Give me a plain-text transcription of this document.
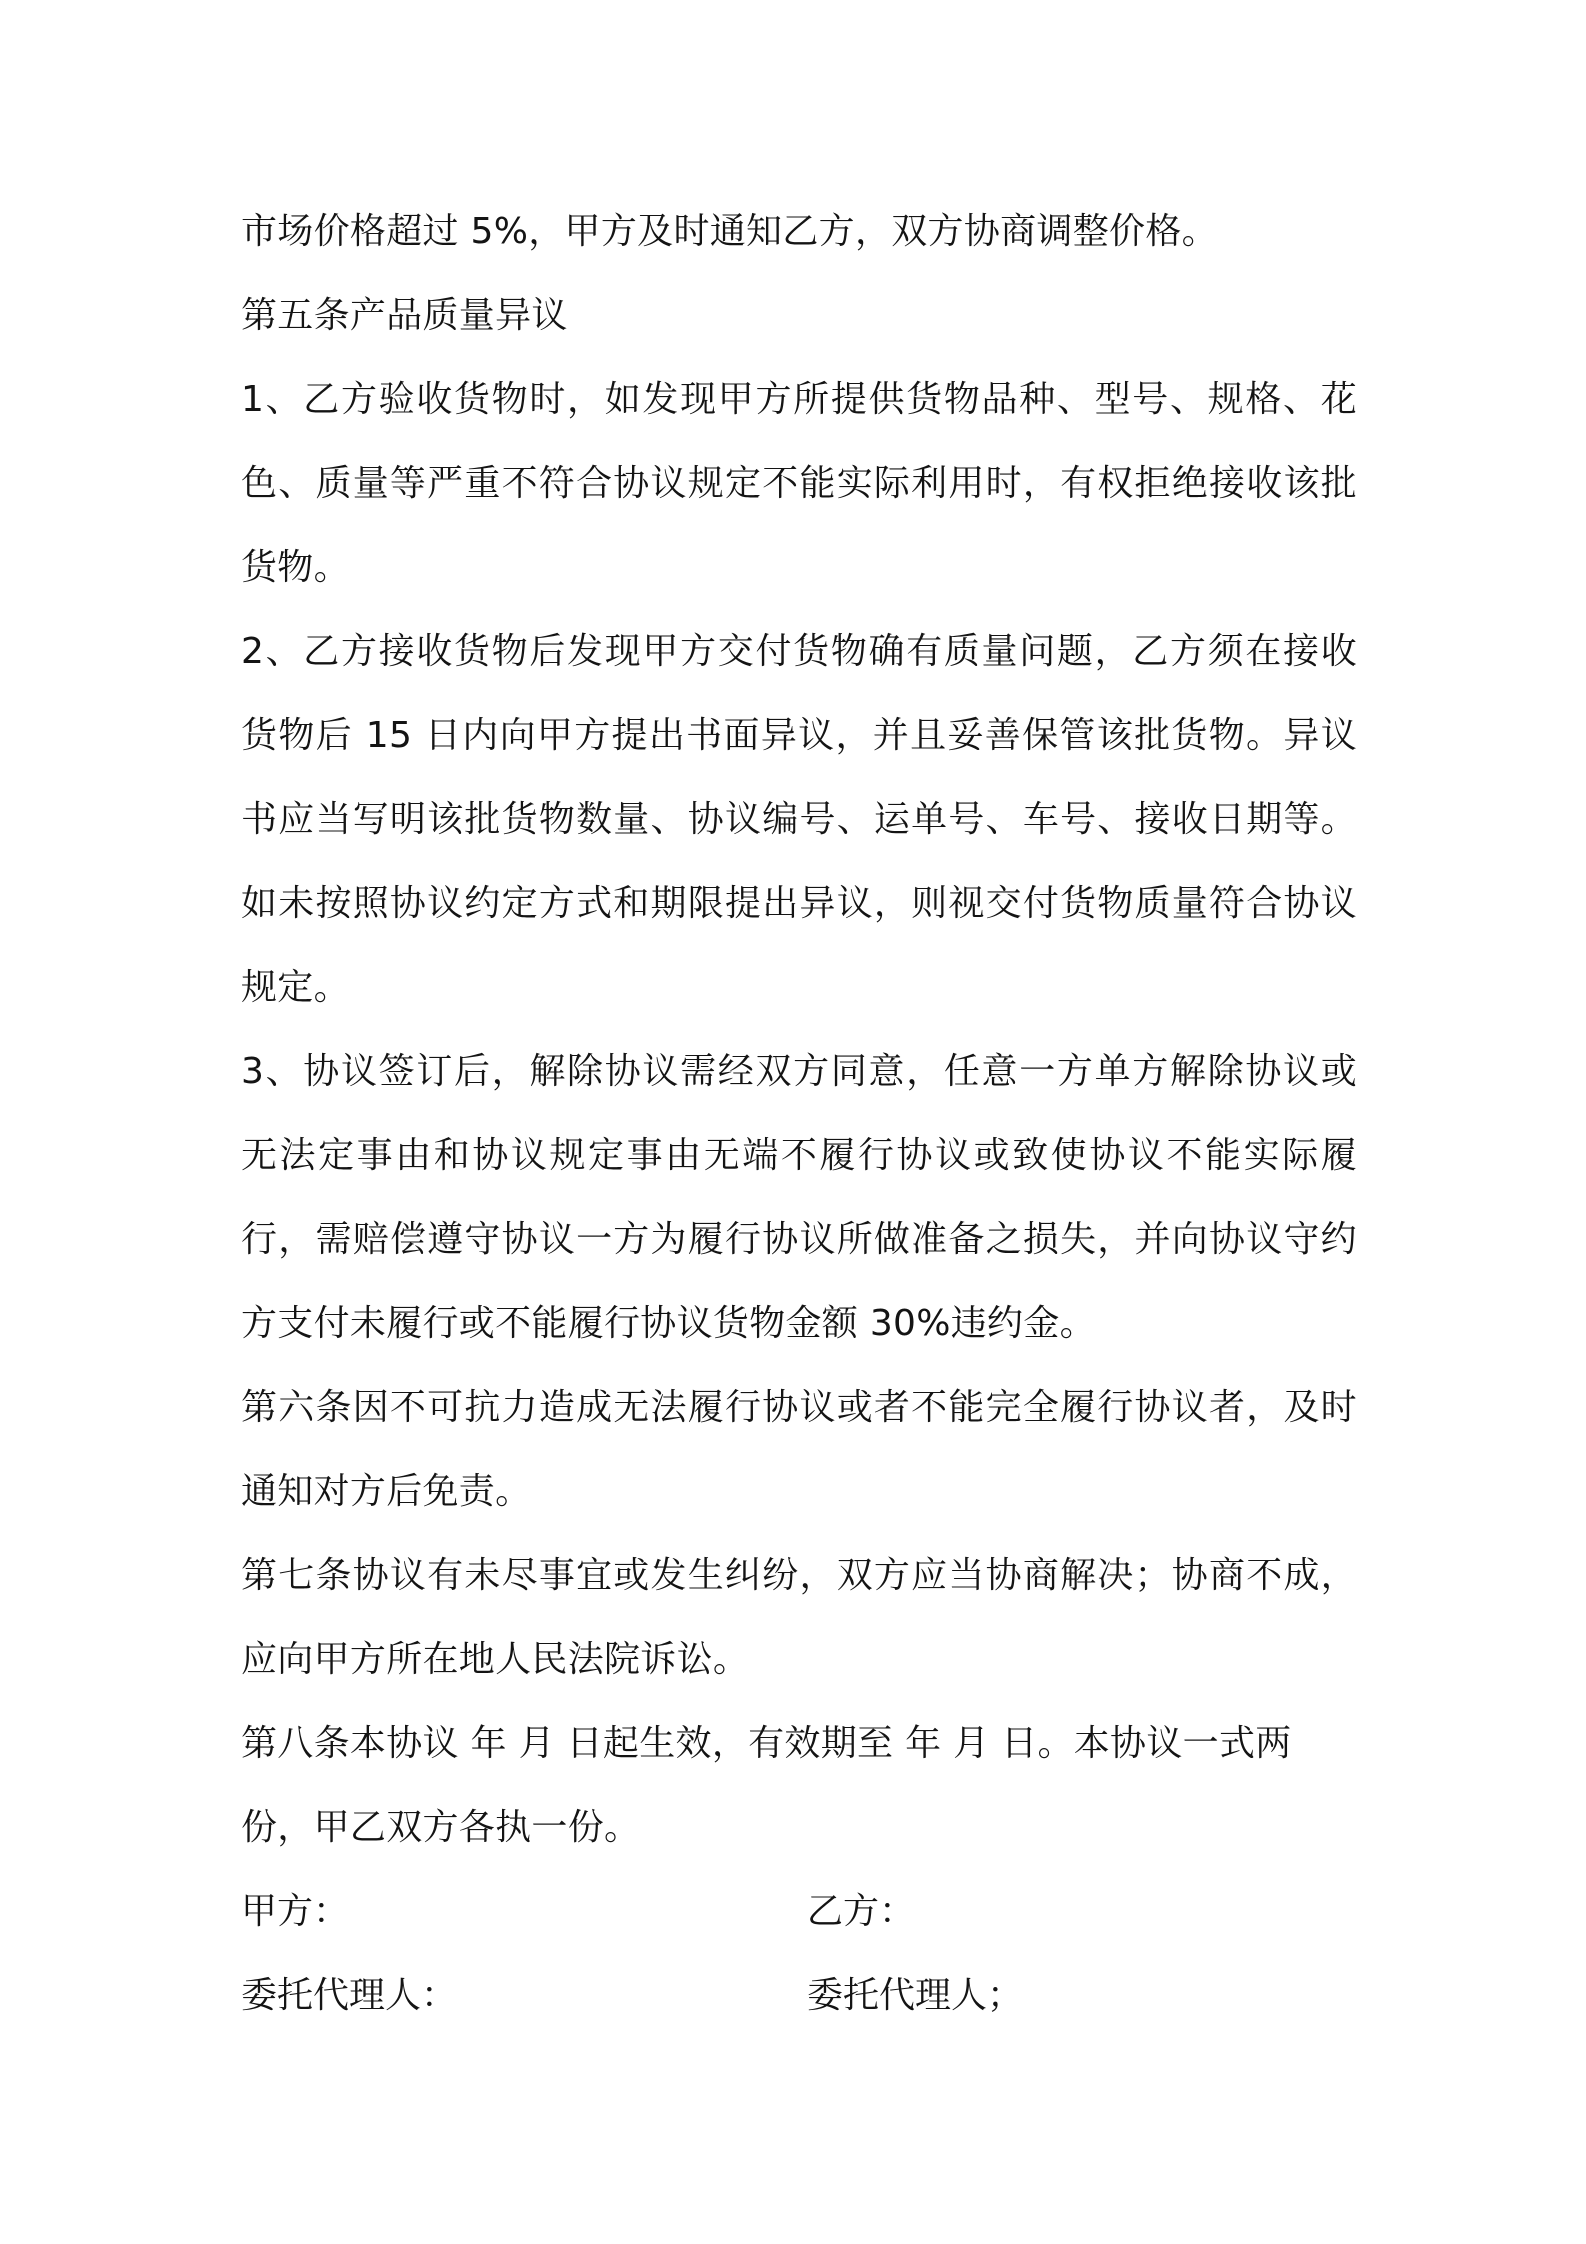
市场价格超过 5%，甲方及时通知乙方，双方协商调整价格。
第五条产品质量异议
1、乙方验收货物时，如发现甲方所提供货物品种、型号、规格、花
色、质量等严重不符合协议规定不能实际利用时，有权拒绝接收该批
货物。
2、乙方接收货物后发现甲方交付货物确有质量问题，乙方须在接收
货物后 15 日内向甲方提出书面异议，并且妥善保管该批货物。异议
书应当写明该批货物数量、协议编号、运单号、车号、接收日期等。
如未按照协议约定方式和期限提出异议，则视交付货物质量符合协议
规定。
3、协议签订后，解除协议需经双方同意，任意一方单方解除协议或
无法定事由和协议规定事由无端不履行协议或致使协议不能实际履
行，需赔偿遵守协议一方为履行协议所做准备之损失，并向协议守约
方支付未履行或不能履行协议货物金额 30%违约金。
第六条因不可抗力造成无法履行协议或者不能完全履行协议者，及时
通知对方后免责。
第七条协议有未尽事宜或发生纠纷，双方应当协商解决；协商不成，
应向甲方所在地人民法院诉讼。
第八条本协议 年 月 日起生效，有效期至 年 月 日。本协议一式两
份，甲乙双方各执一份。
甲方：	乙方：
委托代理人：	委托代理人；
